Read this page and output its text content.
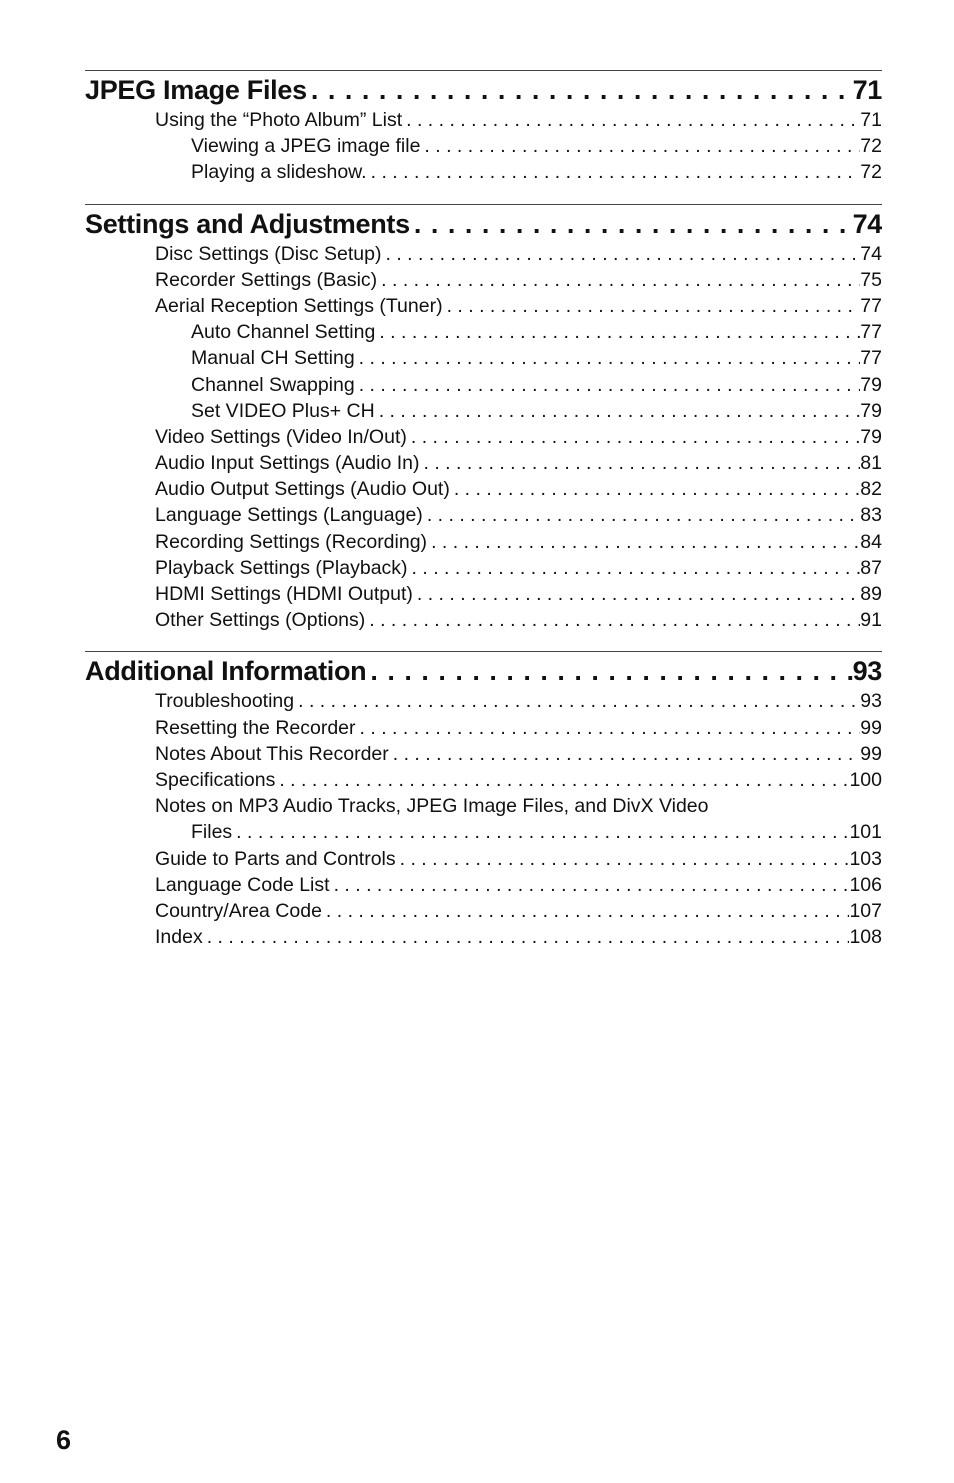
JPEG Image Files . . .	71
Using the “Photo Album” List . . .	71
Viewing a JPEG image file . . .	72
Playing a slideshow. . . .	72
Settings and Adjustments . . .	74
Disc Settings (Disc Setup) . . .	74
Recorder Settings (Basic) . . .	75
Aerial Reception Settings (Tuner) . . .	77
Auto Channel Setting . . .	77
Manual CH Setting . . .	77
Channel Swapping . . .	79
Set VIDEO Plus+ CH . . .	79
Video Settings (Video In/Out) . . .	79
Audio Input Settings (Audio In) . . .	81
Audio Output Settings (Audio Out) . . .	82
Language Settings (Language) . . .	83
Recording Settings (Recording) . . .	84
Playback Settings (Playback) . . .	87
HDMI Settings (HDMI Output) . . .	89
Other Settings (Options) . . .	91
Additional Information . . .	93
Troubleshooting . . .	93
Resetting the Recorder . . .	99
Notes About This Recorder . . .	99
Specifications . . .	100
Notes on MP3 Audio Tracks, JPEG Image Files, and DivX Video
Files . . .	101
Guide to Parts and Controls . . .	103
Language Code List . . .	106
Country/Area Code . . .	107
Index . . .	108
6
